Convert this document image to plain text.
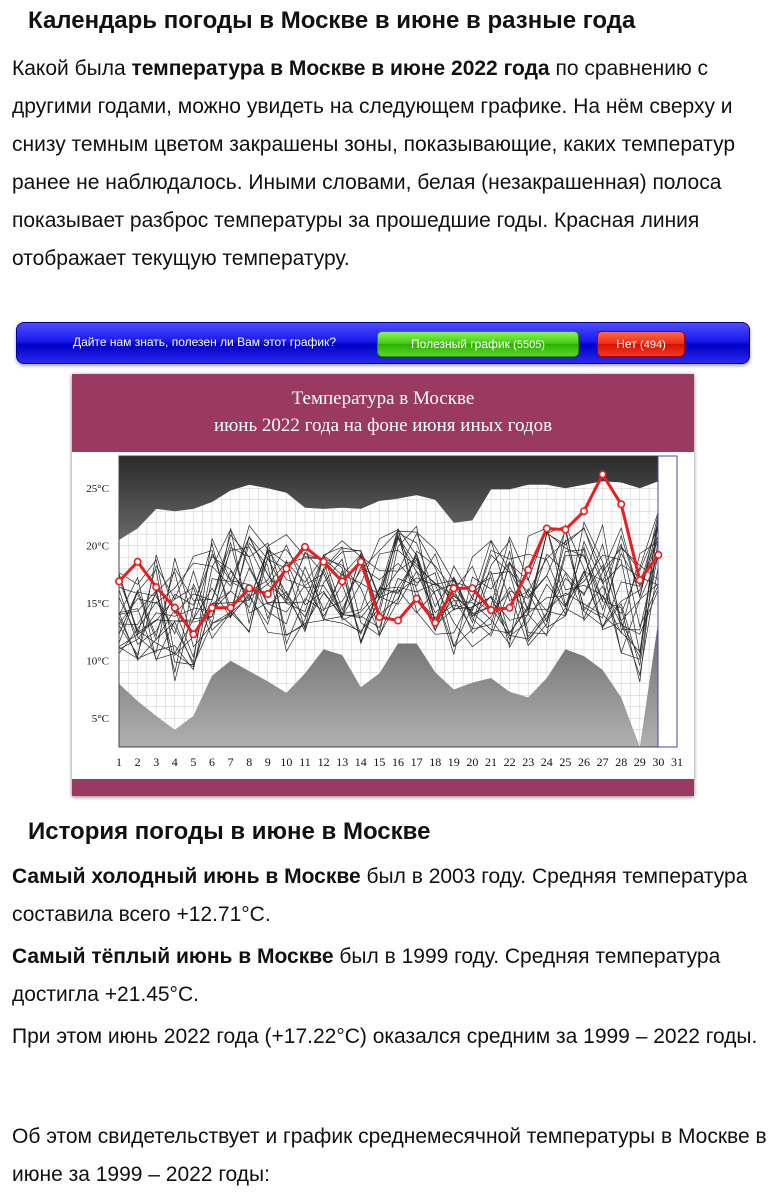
Календарь погоды в Москве в июне в разные года
Какой была температура в Москве в июне 2022 года по сравнению с другими годами, можно увидеть на следующем графике. На нём сверху и снизу темным цветом закрашены зоны, показывающие, каких температур ранее не наблюдалось. Иными словами, белая (незакрашенная) полоса показывает разброс температуры за прошедшие годы. Красная линия отображает текущую температуру.
Дайте нам знать, полезен ли Вам этот график?	Полезный график (5505)	Нет (494)
Температура в Москве
июнь 2022 года на фоне июня иных годов
25°C
20°C
15°C
10°C
5°C
1 2 3 4 5 6 7 8 9 10 11 12 13 14 15 16 17 18 19 20 21 22 23 24 25 26 27 28 29 30 31
История погоды в июне в Москве
Самый холодный июнь в Москве был в 2003 году. Средняя температура составила всего +12.71°C.
Самый тёплый июнь в Москве был в 1999 году. Средняя температура достигла +21.45°C.
При этом июнь 2022 года (+17.22°C) оказался средним за 1999 – 2022 годы.
Об этом свидетельствует и график среднемесячной температуры в Москве в июне за 1999 – 2022 годы:
